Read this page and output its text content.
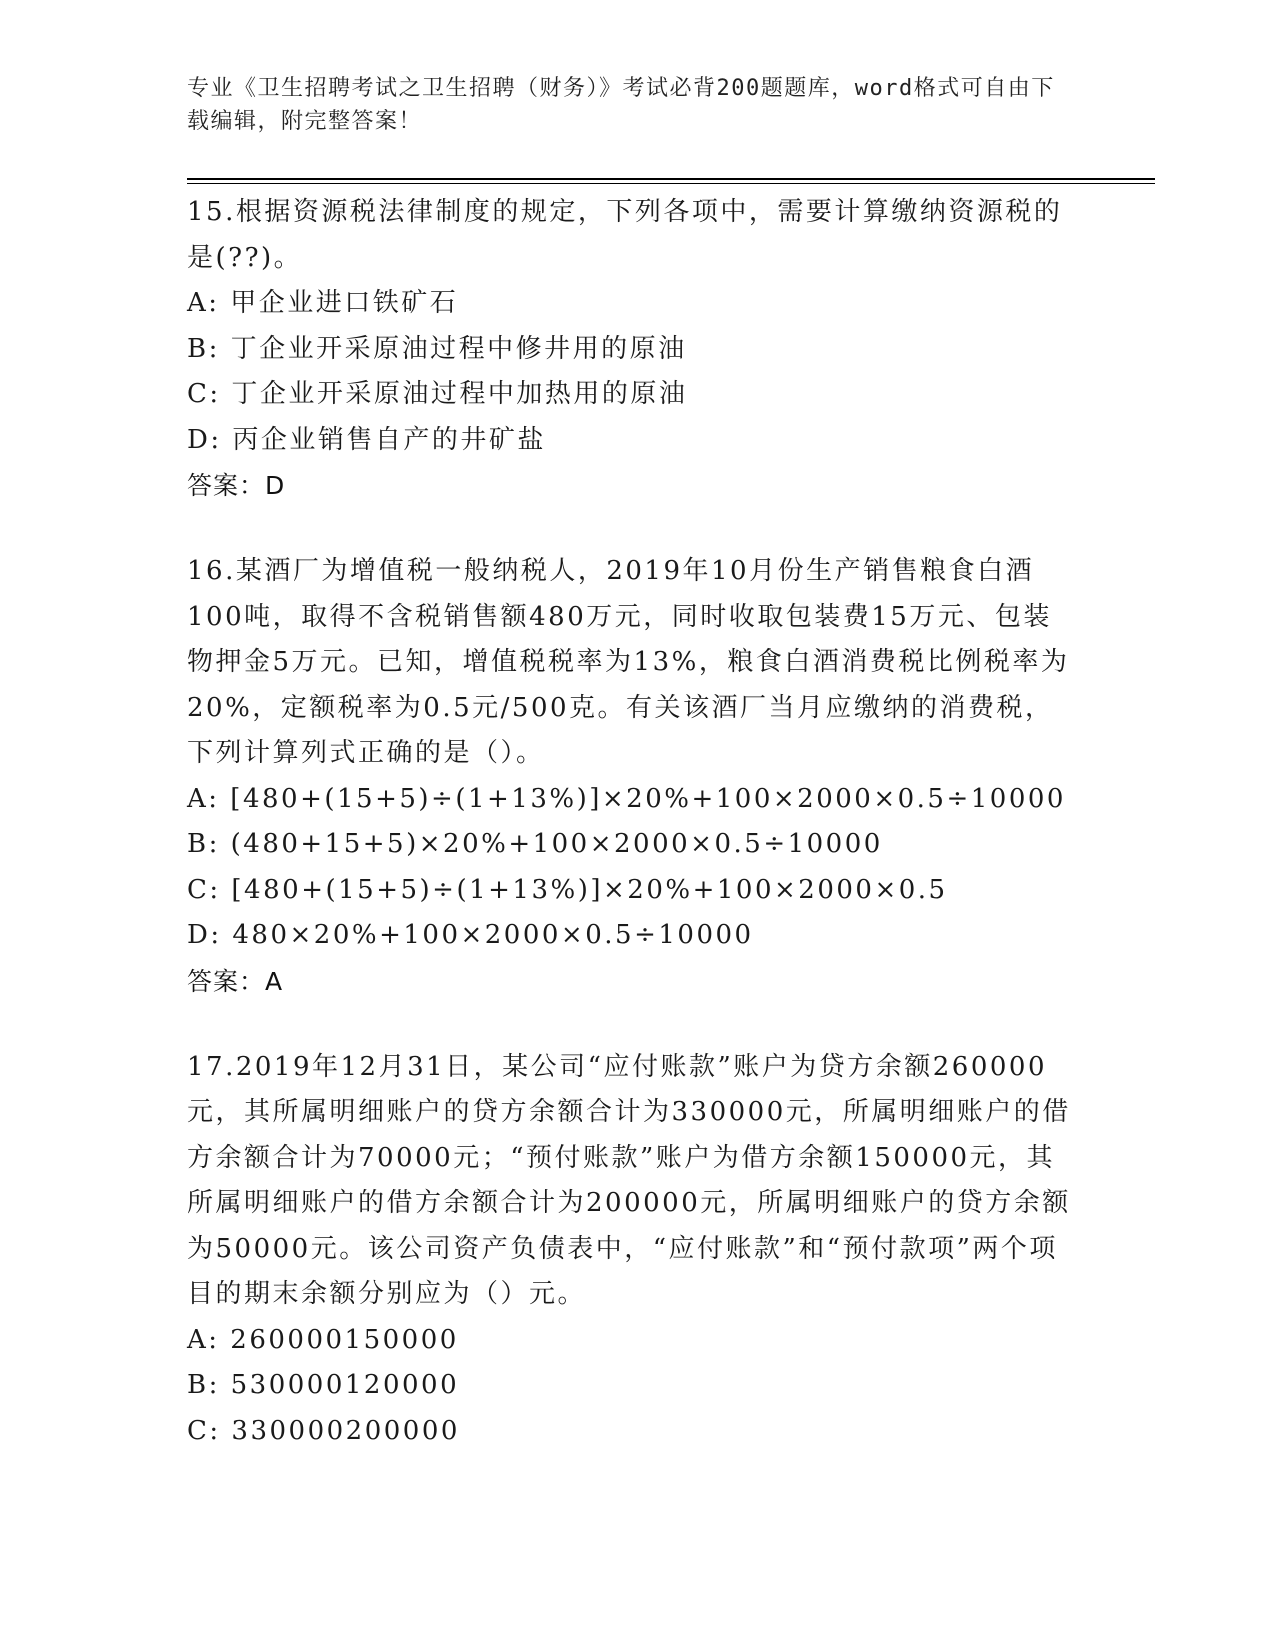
专业《卫生招聘考试之卫生招聘（财务）》考试必背200题题库，word格式可自由下载编辑，附完整答案！

15.根据资源税法律制度的规定，下列各项中，需要计算缴纳资源税的是(??)。

A: 甲企业进口铁矿石

B: 丁企业开采原油过程中修井用的原油

C: 丁企业开采原油过程中加热用的原油

D: 丙企业销售自产的井矿盐

答案：D

16.某酒厂为增值税一般纳税人，2019年10月份生产销售粮食白酒100吨，取得不含税销售额480万元，同时收取包装费15万元、包装物押金5万元。已知，增值税税率为13%，粮食白酒消费税比例税率为20%，定额税率为0.5元/500克。有关该酒厂当月应缴纳的消费税，下列计算列式正确的是（）。

A: [480+(15+5)÷(1+13%)]×20%+100×2000×0.5÷10000

B: (480+15+5)×20%+100×2000×0.5÷10000

C: [480+(15+5)÷(1+13%)]×20%+100×2000×0.5

D: 480×20%+100×2000×0.5÷10000

答案：A

17.2019年12月31日，某公司“应付账款”账户为贷方余额260000元，其所属明细账户的贷方余额合计为330000元，所属明细账户的借方余额合计为70000元；“预付账款”账户为借方余额150000元，其所属明细账户的借方余额合计为200000元，所属明细账户的贷方余额为50000元。该公司资产负债表中，“应付账款”和“预付款项”两个项目的期末余额分别应为（）元。

A: 260000150000

B: 530000120000

C: 330000200000
